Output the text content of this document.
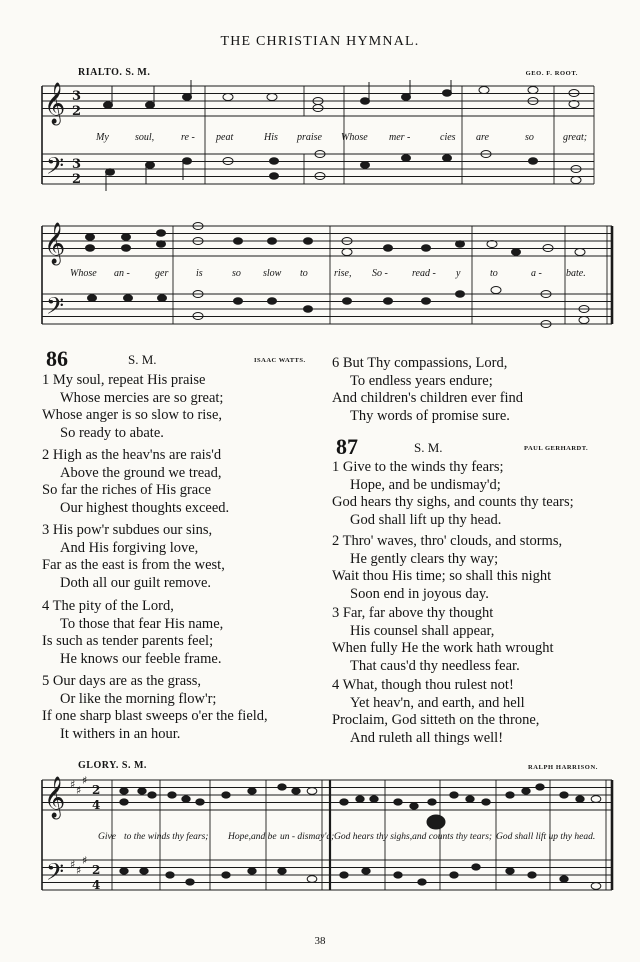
THE CHRISTIAN HYMNAL.
RIALTO. S. M.	GEO. F. ROOT.
𝄞
𝄢
𝄞
𝄢
3
2
3
2
My	soul,	re - peat	His praise Whose mer -	cies are	so	great;
Whose an -	ger	is	so slow to	rise, So - read - y	to	a - bate.
86	S. M.	ISAAC WATTS.
1 My soul, repeat His praise
Whose mercies are so great;
Whose anger is so slow to rise,
So ready to abate.
2 High as the heav'ns are rais'd
Above the ground we tread,
So far the riches of His grace
Our highest thoughts exceed.
3 His pow'r subdues our sins,
And His forgiving love,
Far as the east is from the west,
Doth all our guilt remove.
4 The pity of the Lord,
To those that fear His name,
Is such as tender parents feel;
He knows our feeble frame.
5 Our days are as the grass,
Or like the morning flow'r;
If one sharp blast sweeps o'er the field,
It withers in an hour.
6 But Thy compassions, Lord,
To endless years endure;
And children's children ever find
Thy words of promise sure.
87	S. M.	PAUL GERHARDT.
1 Give to the winds thy fears;
Hope, and be undismay'd;
God hears thy sighs, and counts thy tears;
God shall lift up thy head.
2 Thro' waves, thro' clouds, and storms,
He gently clears thy way;
Wait thou His time; so shall this night
Soon end in joyous day.
3 Far, far above thy thought
His counsel shall appear,
When fully He the work hath wrought
That caus'd thy needless fear.
4 What, though thou rulest not!
Yet heav'n, and earth, and hell
Proclaim, God sitteth on the throne,
And ruleth all things well!
GLORY. S. M.	RALPH HARRISON.
𝄞
𝄢
♯ ♯
♯
♯ ♯
♯
2
4
2
4
Give to the winds thy fears; Hope,and be un - dismay'd; God hears thy sighs,and counts thy tears; God shall lift up thy head.
38
